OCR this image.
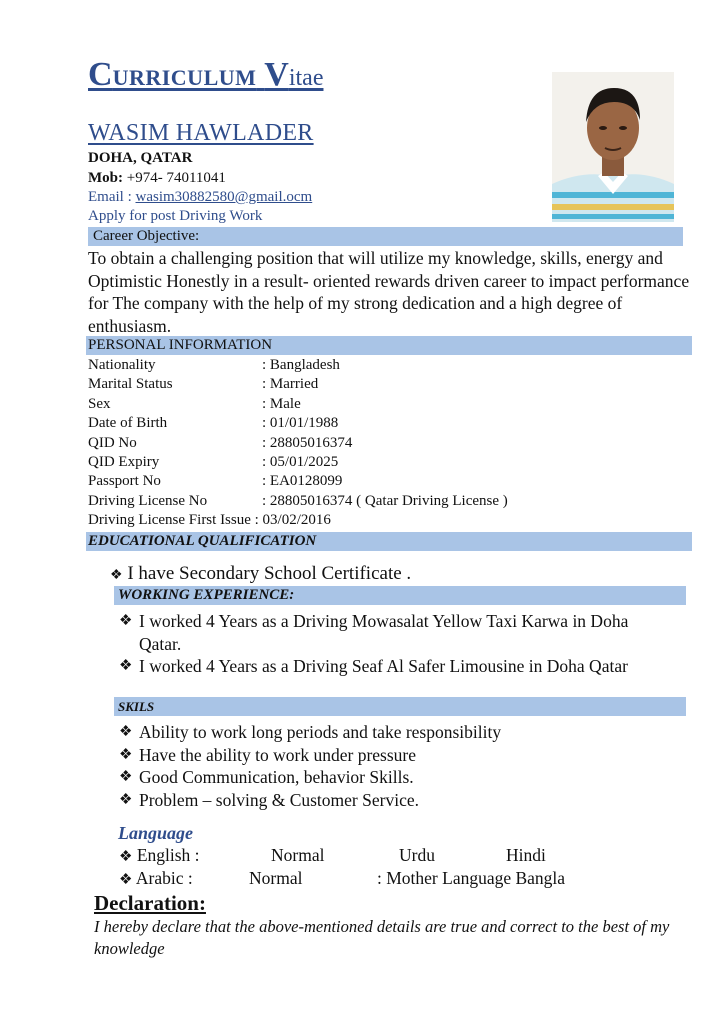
CURRICULUM Vitae
WASIM HAWLADER
DOHA, QATAR
Mob: +974- 74011041
Email : wasim30882580@gmail.ocm
Apply for post Driving Work
Career Objective:
To obtain a challenging position that will utilize my knowledge, skills, energy and Optimistic Honestly in a result- oriented rewards driven career to impact performance for The company with the help of my strong dedication and a high degree of enthusiasm.
PERSONAL INFORMATION
Nationality	: Bangladesh
Marital Status	: Married
Sex	: Male
Date of Birth	: 01/01/1988
QID No	: 28805016374
QID Expiry	: 05/01/2025
Passport No	: EA0128099
Driving License No	: 28805016374 ( Qatar Driving License )
Driving License First Issue : 03/02/2016
EDUCATIONAL QUALIFICATION
❖ I have Secondary School Certificate .
WORKING EXPERIENCE:
❖ I worked 4 Years as a Driving Mowasalat Yellow Taxi Karwa in Doha Qatar.
❖ I worked 4 Years as a Driving Seaf Al Safer Limousine in Doha Qatar
SKILS
❖ Ability to work long periods and take responsibility
❖ Have the ability to work under pressure
❖ Good Communication, behavior Skills.
❖ Problem – solving & Customer Service.
Language
❖ English :	Normal	Urdu	Hindi
❖ Arabic :	Normal	: Mother Language Bangla
Declaration:
I hereby declare that the above-mentioned details are true and correct to the best of my knowledge
